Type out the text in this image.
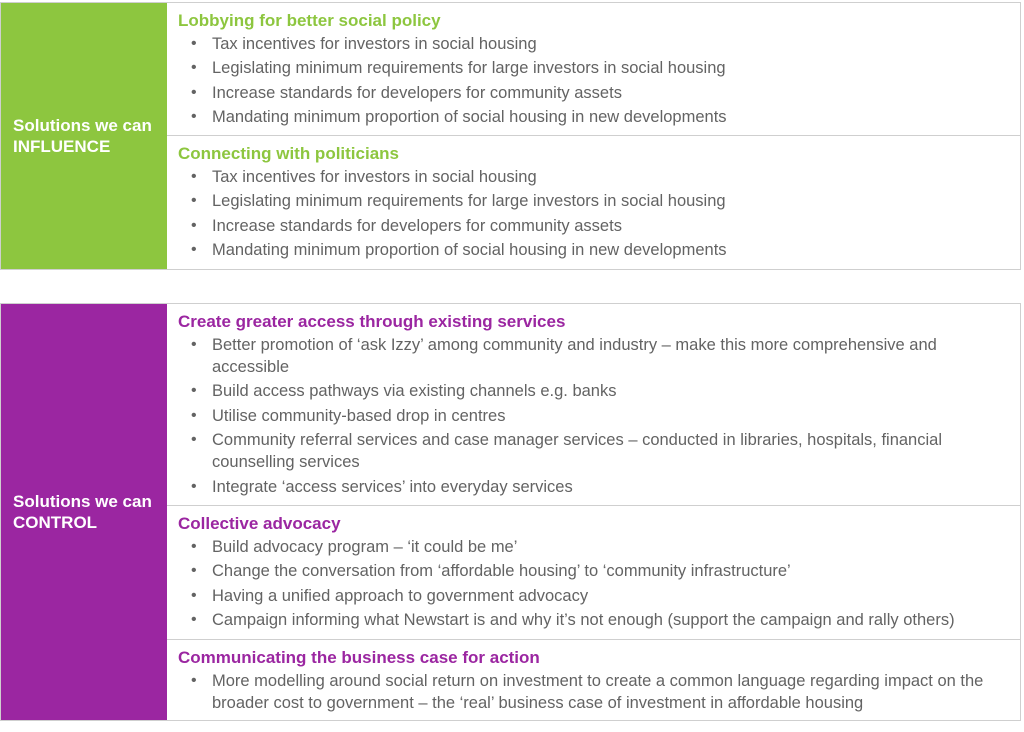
Solutions we can INFLUENCE
Lobbying for better social policy
• Tax incentives for investors in social housing
• Legislating minimum requirements for large investors in social housing
• Increase standards for developers for community assets
• Mandating minimum proportion of social housing in new developments
Connecting with politicians
• Tax incentives for investors in social housing
• Legislating minimum requirements for large investors in social housing
• Increase standards for developers for community assets
• Mandating minimum proportion of social housing in new developments
Solutions we can CONTROL
Create greater access through existing services
• Better promotion of ‘ask Izzy’ among community and industry – make this more comprehensive and accessible
• Build access pathways via existing channels e.g. banks
• Utilise community-based drop in centres
• Community referral services and case manager services – conducted in libraries, hospitals, financial counselling services
• Integrate ‘access services’ into everyday services
Collective advocacy
• Build advocacy program – ‘it could be me’
• Change the conversation from ‘affordable housing’ to ‘community infrastructure’
• Having a unified approach to government advocacy
• Campaign informing what Newstart is and why it’s not enough (support the campaign and rally others)
Communicating the business case for action
• More modelling around social return on investment to create a common language regarding impact on the broader cost to government – the ‘real’ business case of investment in affordable housing
